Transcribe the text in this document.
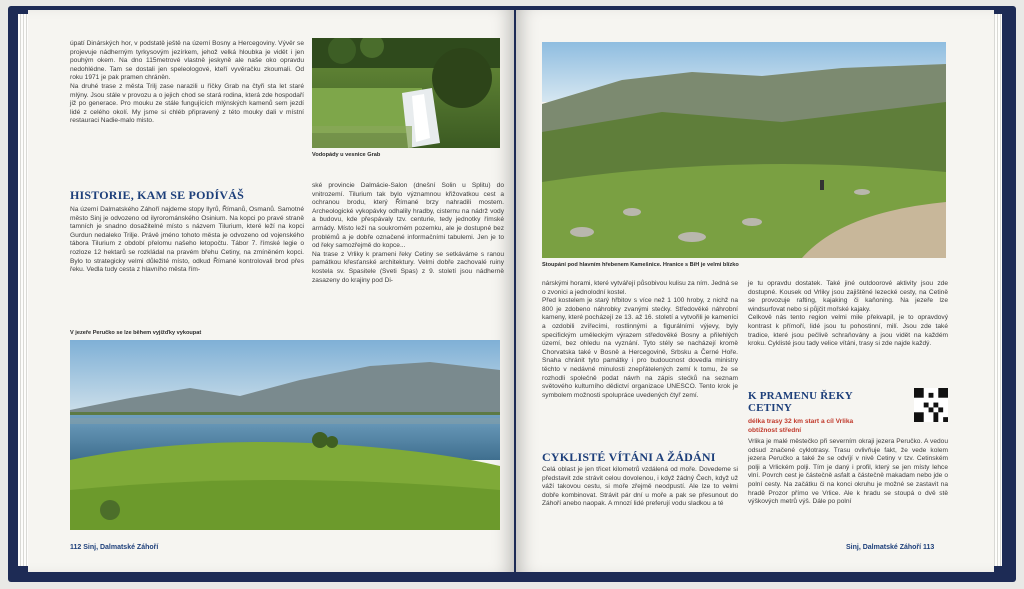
úpatí Dinárských hor, v podstatě ještě na území Bosny a Hercegoviny. Vývěr se projevuje nádherným tyrkysovým jezírkem, jehož velká hloubka je vidět i jen pouhým okem. Na dno 115metrové vlastně jeskyně ale naše oko opravdu nedohlédne. Tam se dostali jen speleologové, kteří vyvěračku zkoumali. Od roku 1971 je pak pramen chráněn.
Na druhé trase z města Trilj zase narazili u říčky Grab na čtyři sta let staré mlýny. Jsou stále v provozu a o jejich chod se stará rodina, která zde hospodaří již po generace. Pro mouku ze stále fungujících mlýnských kamenů sem jezdí lidé z celého okolí. My jsme si chléb připravený z této mouky dali v místní restauraci Nadie-malo misto.
Vodopády u vesnice Grab
HISTORIE, KAM SE PODÍVÁŠ
Na území Dalmatského Záhoří najdeme stopy Ilyrů, Římanů, Osmanů. Samotné město Sinj je odvozeno od ilyrorománského Osinium. Na kopci po pravé straně tamních je snadno dosažitelné místo s názvem Tilurium, které leží na kopci Gurdun nedaleko Trilje. Právě jméno tohoto města je odvozeno od vojenského tábora Tilurium z období přelomu našeho letopočtu. Tábor 7. římské legie o rozloze 12 hektarů se rozkládal na pravém břehu Cetiny, na zmíněném kopci. Bylo to strategicky velmi důležité místo, odkud Římané kontrolovali brod přes řeku. Vedla tudy cesta z hlavního města řím-
ské provincie Dalmácie-Salon (dnešní Solin u Splitu) do vnitrozemí. Tilurium tak bylo významnou křižovatkou cest a ochranou brodu, který Římané brzy nahradili mostem. Archeologické vykopávky odhalily hradby, cisternu na nádrž vody a budovu, kde přespávaly tzv. centurie, tedy jednotky římské armády. Místo leží na soukromém pozemku, ale je dostupné bez problémů a je dobře označené informačními tabulemi. Jen je to od řeky samozřejmě do kopce...
Na trase z Vrliky k prameni řeky Cetiny se setkáváme s ranou památkou křesťanské architektury. Velmi dobře zachovalé ruiny kostela sv. Spasitele (Sveti Spas) z 9. století jsou nádherně zasazeny do krajiny pod Di-
V jezeře Peručko se lze během vyjížďky vykoupat
112 Sinj, Dalmatské Záhoří
Stoupání pod hlavním hřebenem Kamešnice. Hranice s BiH je velmi blízko
nárskými horami, které vytvářejí působivou kulisu za ním. Jedná se o zvonici a jednolodní kostel.
Před kostelem je starý hřbitov s více než 1 100 hroby, z nichž na 800 je zdobeno náhrobky zvanými stećky. Středověké náhrobní kameny, které pocházejí ze 13. až 16. století a vytvořili je kameníci a ozdobili zvířecími, rostlinnými a figurálními výjevy, byly specifickým uměleckým výrazem středověké Bosny a přilehlých území, bez ohledu na vyznání. Tyto stély se nacházejí kromě Chorvatska také v Bosně a Hercegovině, Srbsku a Černé Hoře. Snaha chránit tyto památky i pro budoucnost dovedla ministry těchto v nedávné minulosti znepřátelených zemí k tomu, že se rozhodli společně podat návrh na zápis stećků na seznam světového kulturního dědictví organizace UNESCO. Tento krok je symbolem možnosti spolupráce uvedených čtyř zemí.
CYKLISTÉ VÍTÁNI A ŽÁDÁNI
Celá oblast je jen třicet kilometrů vzdálená od moře. Dovedeme si představit zde strávit celou dovolenou, i když žádný Čech, když už váží takovou cestu, si moře zřejmě neodpustí. Ale lze to velmi dobře kombinovat. Strávit pár dní u moře a pak se přesunout do Záhoří anebo naopak. A mnozí lidé preferují vodu sladkou a té
je tu opravdu dostatek. Také jiné outdoorové aktivity jsou zde dostupné. Kousek od Vrliky jsou zajištěné lezecké cesty, na Cetině se provozuje rafting, kajaking či kaňoning. Na jezeře lze windsurfovat nebo si půjčit mořské kajaky.
Celkově nás tento region velmi mile překvapil, je to opravdový kontrast k přímoří, lidé jsou tu pohostinní, milí. Jsou zde také tradice, které jsou pečlivě schraňovány a jsou vidět na každém kroku. Cyklisté jsou tady velice vítáni, trasy si zde najde každý.
K PRAMENU ŘEKY CETINY
délka trasy 32 km start a cíl Vrlika
obtížnost střední
Vrlika je malé městečko při severním okraji jezera Peručko. A vedou odsud značené cyklotrasy. Trasu ovlivňuje fakt, že vede kolem jezera Peručko a také že se odvíjí v nivě Cetiny v tzv. Cetinském polji a Vrlickém polji. Tím je daný i profil, který se jen místy lehce vlní. Povrch cest je částečně asfalt a částečně makadam nebo jde o polní cesty. Na začátku či na konci okruhu je možné se zastavit na hradě Prozor přímo ve Vrlice. Ale k hradu se stoupá o dvě stě výškových metrů výš. Dále po polní
Sinj, Dalmatské Záhoří 113
